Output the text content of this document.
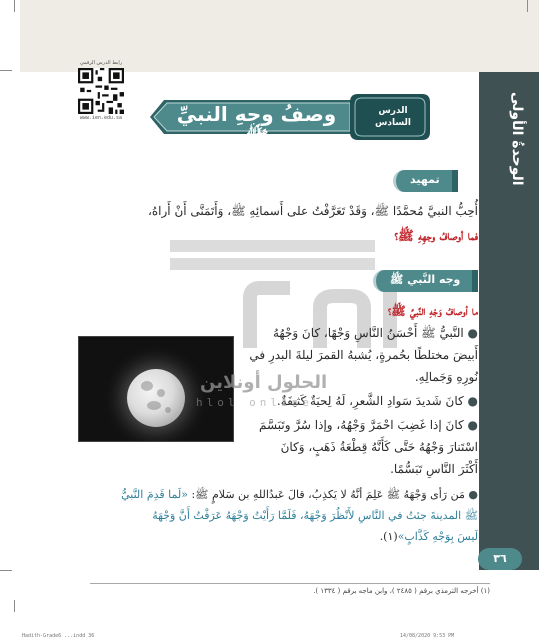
الوحدةُ الأولى
رابط الدرس الرقمي
www.ien.edu.sa	وصفُ وجهِ النبيِّ ﷺ
الدرس
السادس
تمهيد
أُحِبُّ النبيَّ مُحمَّدًا ﷺ، وَقَدْ تَعَرَّفْتُ على أَسمائِهِ ﷺ، وَأَتَمَنَّى أَنْ أَراهُ،
فما أوصافُ وجهِهِ ﷺ؟
وجه النَّبي ﷺ
ما أوصافُ وَجْهِ النَّبيِّ ﷺ؟
● النَّبيُّ ﷺ أَحْسَنُ النَّاسِ وَجْهًا، كانَ وَجْهُهُ
أَبيضَ مختلطًا بحُمرةٍ، يُشبهُ القمرَ ليلةَ البدرِ في
نُورِهِ وَجَمالِهِ.
● كانَ شَديدَ سَوادِ الشَّعرِ، لَهُ لِحيَةٌ كَثيفَةٌ.
● كانَ إذا غَضِبَ احْمَرَّ وَجْهُهُ، وإذا سُرَّ وتَبَسَّمَ
اسْتَنارَ وَجْهُهُ حَتَّى كَأَنَّهُ قِطْعَةُ ذَهَبٍ، وَكانَ
أَكْثَرَ النَّاسِ تَبَسُّمًا.
● مَن رَأى وَجْهَهُ ﷺ عَلِمَ أنَّهُ لا يَكذِبُ، قالَ عَبدُاللهِ بن سَلامٍ ﷺ: «لَما قَدِمَ النَّبيُّ
ﷺ المدينةَ جئتُ في النَّاسِ لأَنْظُرَ وَجْهَهُ، فَلَمَّا رَأَيْتُ وَجْهَهُ عَرَفْتُ أَنَّ وَجْهَهُ
لَيسَ بِوَجْهِ كَذَّابٍ»(١).
الحلول أونلاين
hlol online
٣٦
(١) أخرجه الترمذي برقم ( ٢٤٨٥ )، وابن ماجه برقم ( ١٣٣٤ ).
Hadith-Grade6 ...indd 36	14/08/2020 9:53 PM
